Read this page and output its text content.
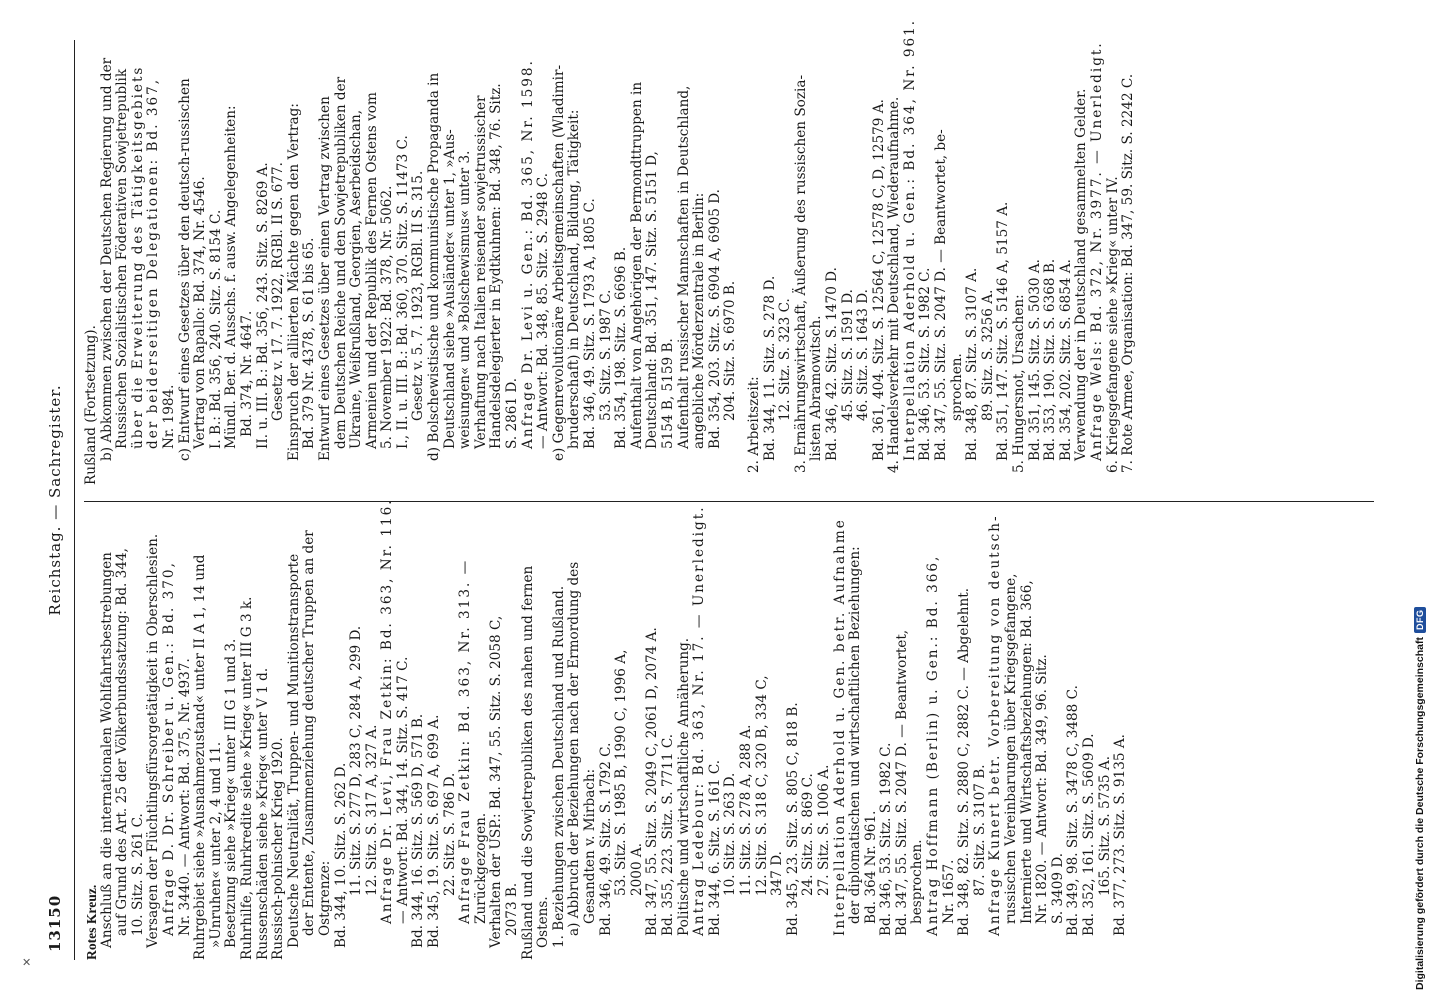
13150
Reichstag. — Sachregister.
Rotes Kreuz. Anschluß an die internationalen Wohlfahrtsbestrebungen auf Grund des Art. 25 der Völkerbundssatzung: Bd. 344, 10. Sitz. S. 261 C. Versagen der Flüchtlingsfürsorgetätigkeit in Oberschlesien. Anfrage D. Dr. Schreiber u. Gen.: Bd. 370, Nr. 3440. — Antwort: Bd. 375, Nr. 4937. Ruhrgebiet siehe »Ausnahmezustand« unter II A 1, 14 und »Unruhen« unter 2, 4 und 11. Besetzung siehe »Krieg« unter III G 1 und 3. Ruhrhilfe, Ruhrkredite siehe »Krieg« unter III G 3 k. Russenschäden siehe »Krieg« unter V 1 d. Russisch-polnischer Krieg 1920. Deutsche Neutralität, Truppen- und Munitionstransporte der Entente, Zusammenziehung deutscher Truppen an der Ostgrenze: Bd. 344, 10. Sitz. S. 262 D. 11. Sitz. S. 277 D, 283 C, 284 A, 299 D. 12. Sitz. S. 317 A, 327 A. Anfrage Dr. Levi, Frau Zetkin: Bd. 363, Nr. 116. — Antwort: Bd. 344, 14. Sitz. S. 417 C. Bd. 344, 16. Sitz. S. 569 D, 571 B. Bd. 345, 19. Sitz. S. 697 A, 699 A. 22. Sitz. S. 786 D. Anfrage Frau Zetkin: Bd. 363, Nr. 313. — Zurückgezogen. Verhalten der USP.: Bd. 347, 55. Sitz. S. 2058 C, 2073 B. Rußland und die Sowjetrepubliken des nahen und fernen Ostens. 1. Beziehungen zwischen Deutschland und Rußland. a) Abbruch der Beziehungen nach der Ermordung des Gesandten v. Mirbach: Bd. 346, 49. Sitz. S. 1792 C. 53. Sitz. S. 1985 B, 1990 C, 1996 A, 2000 A. Bd. 347, 55. Sitz. S. 2049 C, 2061 D, 2074 A. Bd. 355, 223. Sitz. S. 7711 C. Politische und wirtschaftliche Annäherung. Antrag Ledebour: Bd. 363, Nr. 17. — Unerledigt. Bd. 344, 6. Sitz. S. 161 C. 10. Sitz. S. 263 D. 11. Sitz. S. 278 A, 288 A. 12. Sitz. S. 318 C, 320 B, 334 C, 347 D. Bd. 345, 23. Sitz. S. 805 C, 818 B. 24. Sitz. S. 869 C. 27. Sitz. S. 1006 A. Interpellation Aderhold u. Gen. betr. Aufnahme der diplomatischen und wirtschaftlichen Beziehungen: Bd. 364 Nr. 961. Bd. 346, 53. Sitz. S. 1982 C. Bd. 347, 55. Sitz. S. 2047 D. — Beantwortet, besprochen. Antrag Hoffmann (Berlin) u. Gen.: Bd. 366, Nr. 1657. Bd. 348, 82. Sitz. S. 2880 C, 2882 C. — Abgelehnt. 87. Sitz. S. 3107 B. Anfrage Kunert betr. Vorbereitung von deutsch- russischen Vereinbarungen über Kriegsgefangene, Internierte und Wirtschaftsbeziehungen: Bd. 366, Nr. 1820. — Antwort: Bd. 349, 96. Sitz. S. 3409 D. Bd. 349, 98. Sitz. S. 3478 C, 3488 C. Bd. 352, 161. Sitz. S. 5609 D. 165. Sitz. S. 5735 A. Bd. 377, 273. Sitz. S. 9135 A.
Rußland (Fortsetzung). b) Abkommen zwischen der Deutschen Regierung und der Russischen Sozialistischen Föderativen Sowjetrepublik über die Erweiterung des Tätigkeitsgebiets der beiderseitigen Delegationen: Bd. 367, Nr. 1984. c) Entwurf eines Gesetzes über den deutsch-russischen Vertrag von Rapallo: Bd. 374, Nr. 4546. I. B.: Bd. 356, 240. Sitz. S. 8154 C. Mündl. Ber. d. Ausschs. f. ausw. Angelegenheiten: Bd. 374, Nr. 4647. II. u. III. B.: Bd. 356, 243. Sitz. S. 8269 A. Gesetz v. 17. 7. 1922, RGBl. II S. 677. Einspruch der alliierten Mächte gegen den Vertrag: Bd. 379 Nr. 4378, S. 61 bis 65. Entwurf eines Gesetzes über einen Vertrag zwischen dem Deutschen Reiche und den Sowjetrepubliken der Ukraine, Weißrußland, Georgien, Aserbeidschan, Armenien und der Republik des Fernen Ostens vom 5. November 1922: Bd. 378, Nr. 5062. I., II. u. III. B.: Bd. 360, 370. Sitz. S. 11473 C. Gesetz v. 5. 7. 1923, RGBl. II S. 315. d) Bolschewistische und kommunistische Propaganda in Deutschland siehe »Ausländer« unter 1, »Aus- weisungen« und »Bolschewismus« unter 3. Verhaftung nach Italien reisender sowjetrussischer Handelsdelegierter in Eydtkuhnen: Bd. 348, 76. Sitz. S. 2861 D. Anfrage Dr. Levi u. Gen.: Bd. 365, Nr. 1598. — Antwort: Bd. 348, 85. Sitz. S. 2948 C. e) Gegenrevolutionäre Arbeitsgemeinschaften (Wladimir- bruderschaft) in Deutschland, Bildung, Tätigkeit: Bd. 346, 49. Sitz. S. 1793 A, 1805 C. 53. Sitz. S. 1987 C. Bd. 354, 198. Sitz. S. 6696 B. Aufenthalt von Angehörigen der Bermondttruppen in Deutschland: Bd. 351, 147. Sitz. S. 5151 D, 5154 B, 5159 B. Aufenthalt russischer Mannschaften in Deutschland, angebliche Mörderzentrale in Berlin: Bd. 354, 203. Sitz. S. 6904 A, 6905 D. 204. Sitz. S. 6970 B.
2. Arbeitszeit: Bd. 344, 11. Sitz. S. 278 D. 12. Sitz. S. 323 C. 3. Ernährungswirtschaft, Äußerung des russischen Sozia- listen Abramowitsch. Bd. 346, 42. Sitz. S. 1470 D. 45. Sitz. S. 1591 D. 46. Sitz. S. 1643 D. Bd. 361, 404. Sitz. S. 12564 C, 12578 C, D, 12579 A. 4. Handelsverkehr mit Deutschland, Wiederaufnahme. Interpellation Aderhold u. Gen.: Bd. 364, Nr. 961. Bd. 346, 53. Sitz. S. 1982 C. Bd. 347, 55. Sitz. S. 2047 D. — Beantwortet, be- sprochen. Bd. 348, 87. Sitz. S. 3107 A. 89. Sitz. S. 3256 A. Bd. 351, 147. Sitz. S. 5146 A, 5157 A. 5. Hungersnot, Ursachen: Bd. 351, 145. Sitz. S. 5030 A. Bd. 353, 190. Sitz. S. 6368 B. Bd. 354, 202. Sitz. S. 6854 A. Verwendung der in Deutschland gesammelten Gelder. Anfrage Wels: Bd. 372, Nr. 3977. — Unerledigt. 6. Kriegsgefangene siehe »Krieg« unter IV. 7. Rote Armee, Organisation: Bd. 347, 59. Sitz. S. 2242 C.
Digitalisierung gefördert durch die Deutsche Forschungsgemeinschaft
DFG
✕
